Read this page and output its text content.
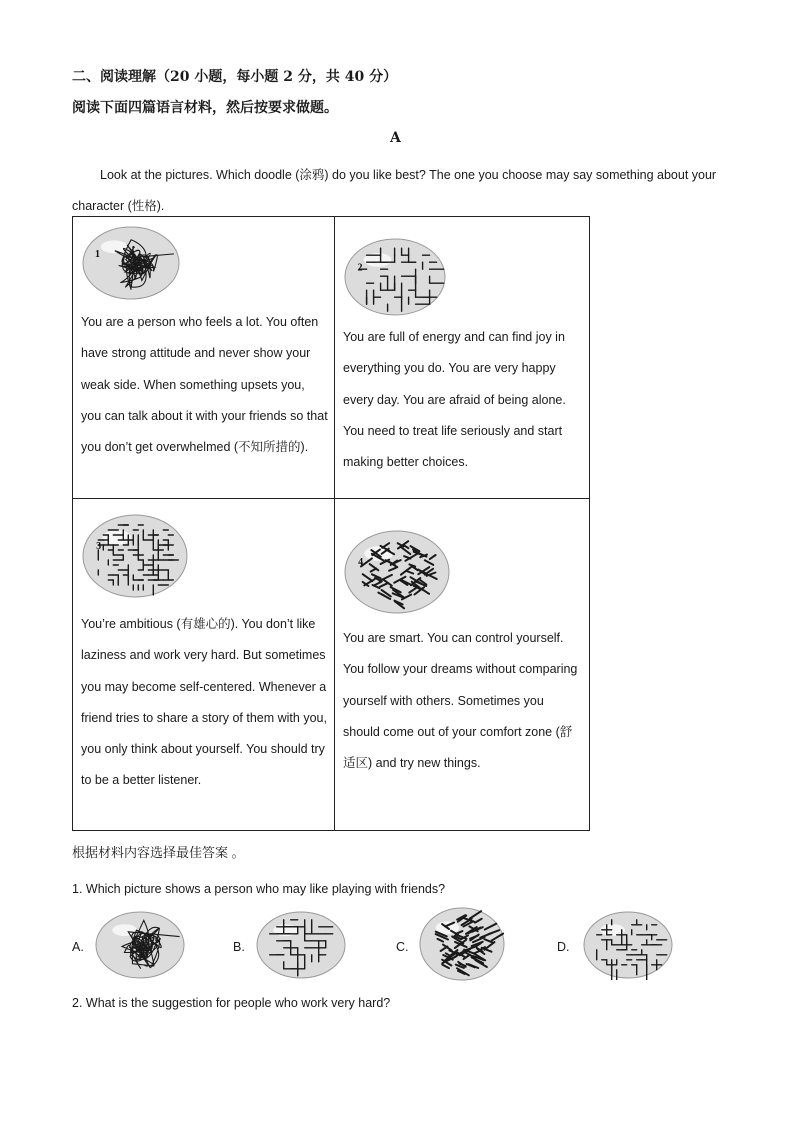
二、阅读理解（20 小题，每小题 2 分，共 40 分）
阅读下面四篇语言材料，然后按要求做题。
A
Look at the pictures. Which doodle (涂鸦) do you like best? The one you choose may say something about your character (性格).
1
You are a person who feels a lot. You often have strong attitude and never show your weak side. When something upsets you, you can talk about it with your friends so that you don’t get overwhelmed (不知所措的).
2
You are full of energy and can find joy in everything you do. You are very happy every day. You are afraid of being alone. You need to treat life seriously and start making better choices.
3
You’re ambitious (有雄心的). You don’t like laziness and work very hard. But sometimes you may become self-centered. Whenever a friend tries to share a story of them with you, you only think about yourself. You should try to be a better listener.
4
You are smart. You can control yourself. You follow your dreams without comparing yourself with others. Sometimes you should come out of your comfort zone (舒适区) and try new things.
根据材料内容选择最佳答案 。
1. Which picture shows a person who may like playing with friends?
A.	B.	C.	D.
2. What is the suggestion for people who work very hard?
